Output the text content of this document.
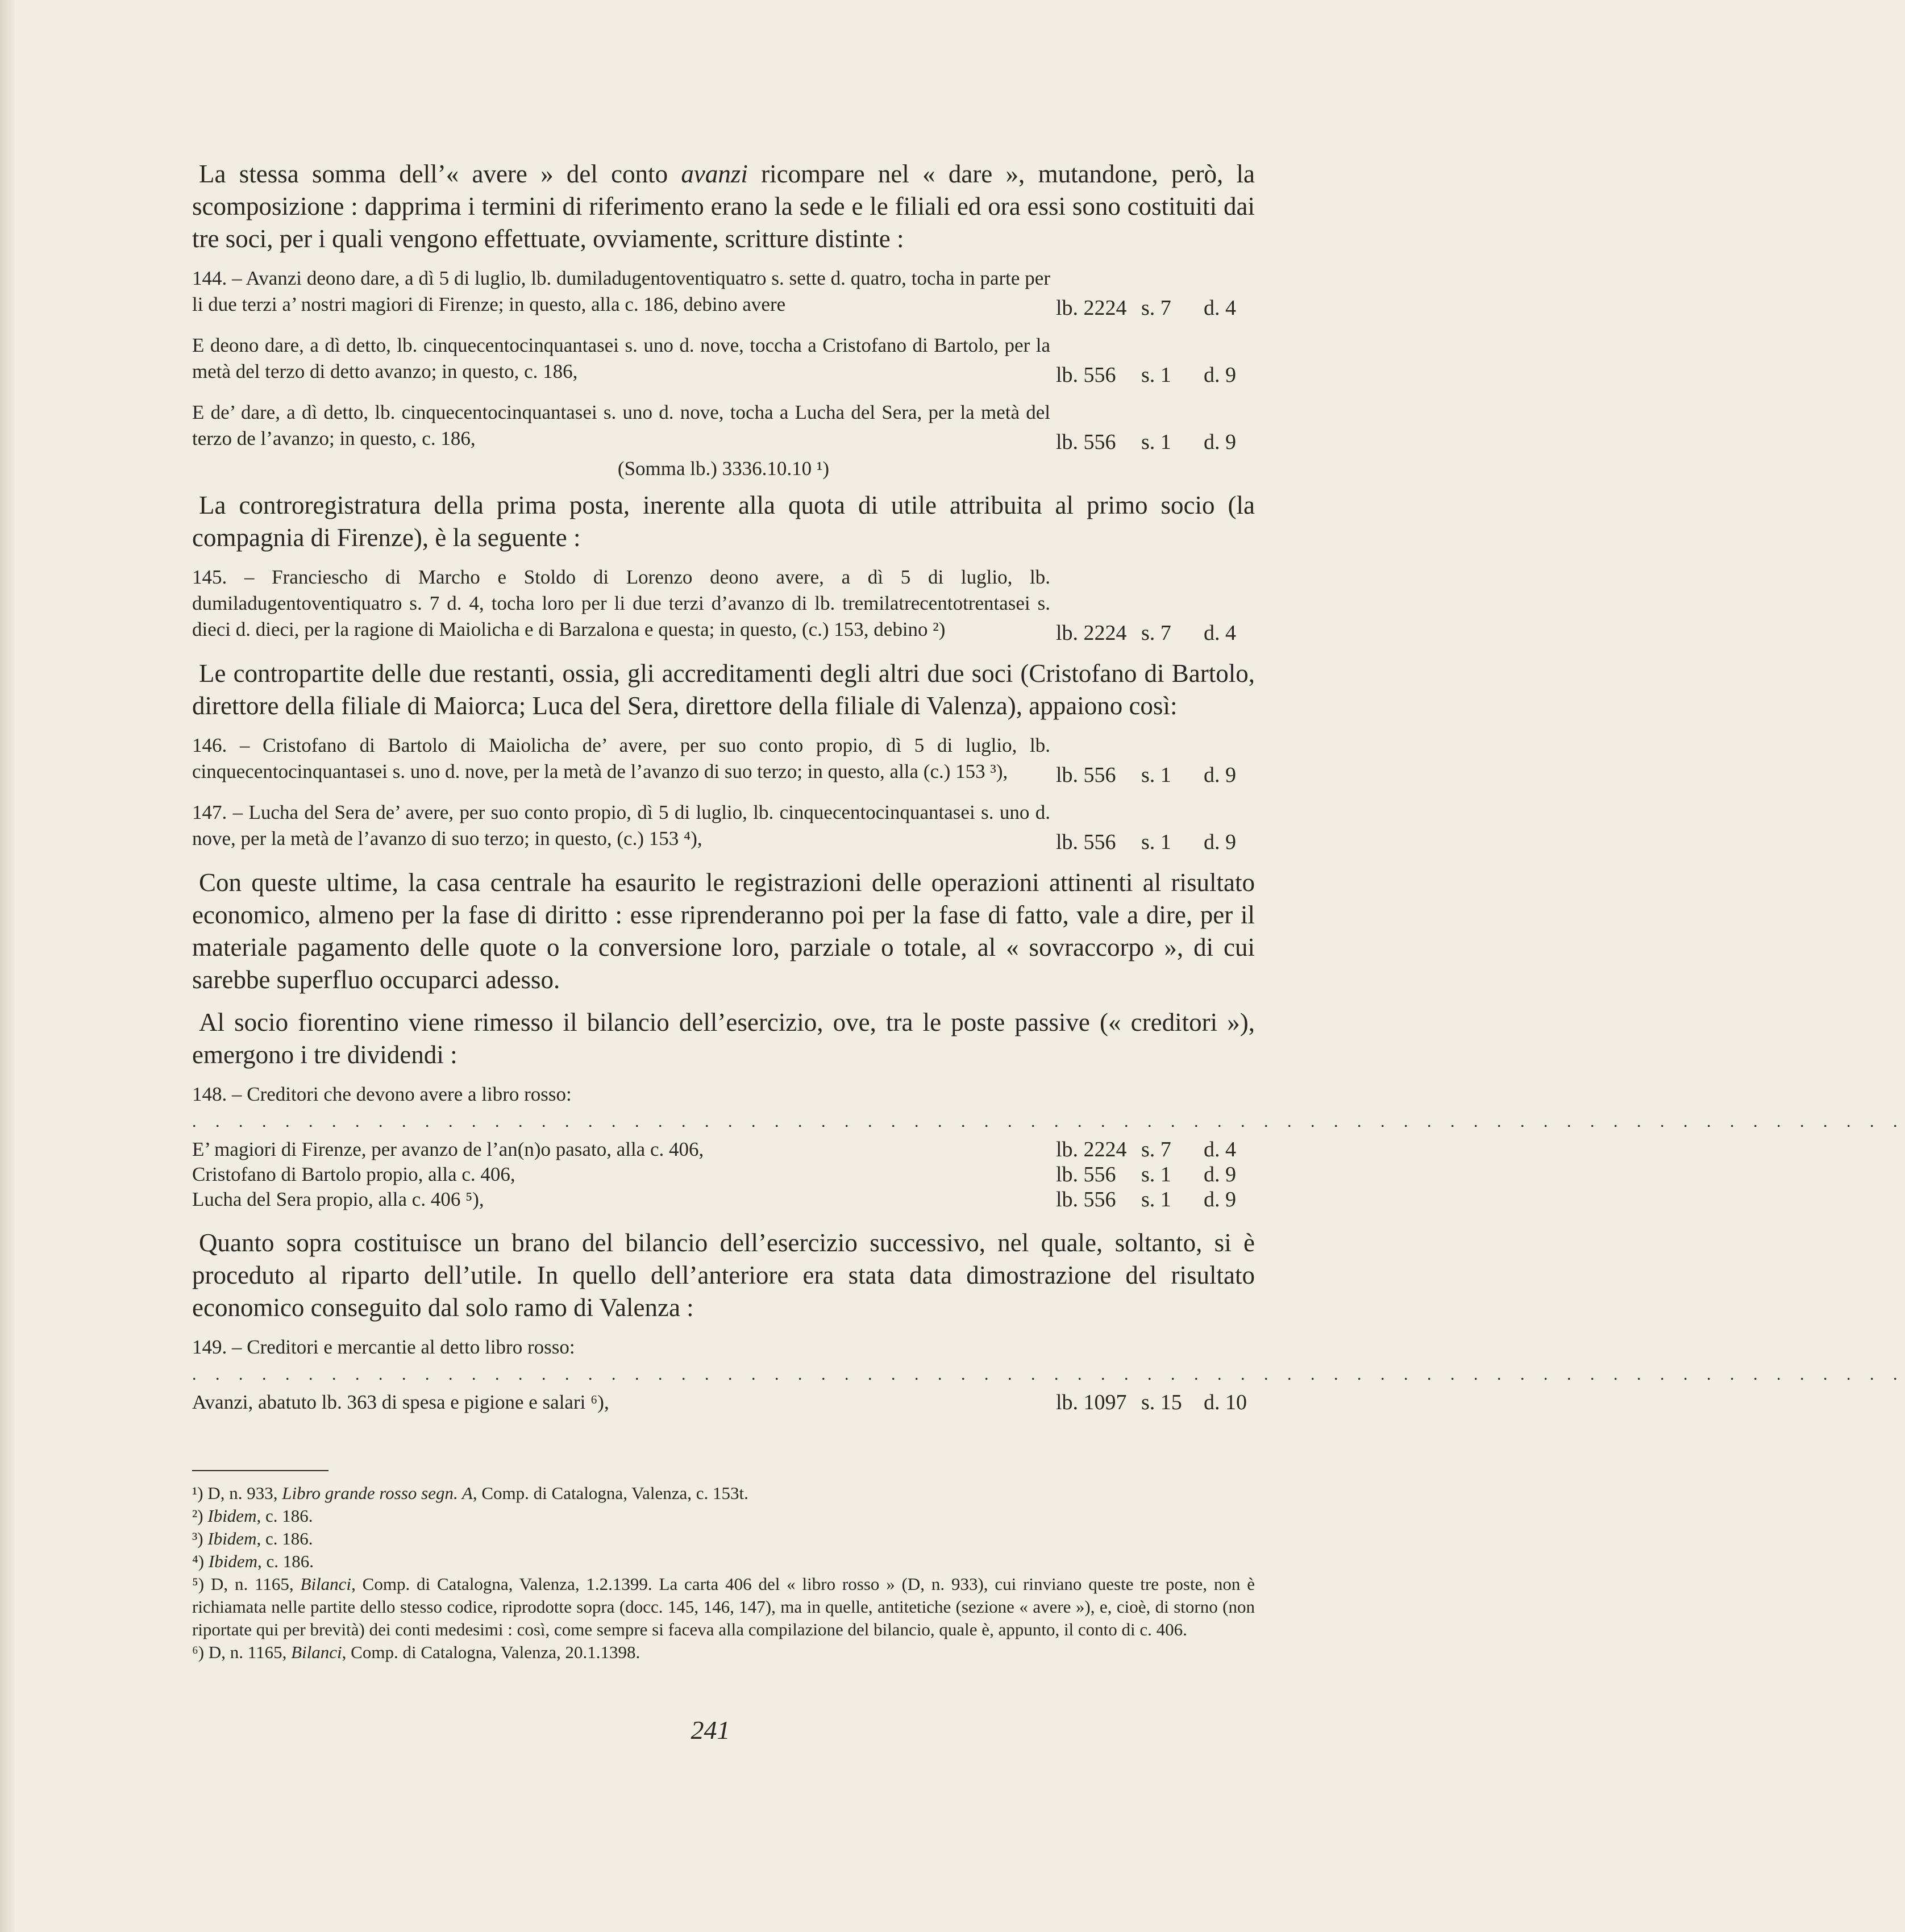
La stessa somma dell’« avere » del conto avanzi ricompare nel « dare », mutandone, però, la scomposizione : dapprima i termini di riferimento erano la sede e le filiali ed ora essi sono costituiti dai tre soci, per i quali vengono effettuate, ovviamente, scritture distinte :

144. – Avanzi deono dare, a dì 5 di luglio, lb. dumiladugentoventiquatro s. sette d. quatro, tocha in parte per li due terzi a’ nostri magiori di Firenze; in questo, alla c. 186, debino avere	lb. 2224 s. 7 d. 4
E deono dare, a dì detto, lb. cinquecentocinquantasei s. uno d. nove, toccha a Cristofano di Bartolo, per la metà del terzo di detto avanzo; in questo, c. 186,	lb. 556 s. 1 d. 9
E de’ dare, a dì detto, lb. cinquecentocinquantasei s. uno d. nove, tocha a Lucha del Sera, per la metà del terzo de l’avanzo; in questo, c. 186,	lb. 556 s. 1 d. 9
(Somma lb.) 3336.10.10 ¹)

La controregistratura della prima posta, inerente alla quota di utile attribuita al primo socio (la compagnia di Firenze), è la seguente :

145. – Franciescho di Marcho e Stoldo di Lorenzo deono avere, a dì 5 di luglio, lb. dumiladugentoventiquatro s. 7 d. 4, tocha loro per li due terzi d’avanzo di lb. tremilatrecentotrentasei s. dieci d. dieci, per la ragione di Maiolicha e di Barzalona e questa; in questo, (c.) 153, debino ²)	lb. 2224 s. 7 d. 4

Le contropartite delle due restanti, ossia, gli accreditamenti degli altri due soci (Cristofano di Bartolo, direttore della filiale di Maiorca; Luca del Sera, direttore della filiale di Valenza), appaiono così:

146. – Cristofano di Bartolo di Maiolicha de’ avere, per suo conto propio, dì 5 di luglio, lb. cinquecentocinquantasei s. uno d. nove, per la metà de l’avanzo di suo terzo; in questo, alla (c.) 153 ³),	lb. 556 s. 1 d. 9
147. – Lucha del Sera de’ avere, per suo conto propio, dì 5 di luglio, lb. cinquecentocinquantasei s. uno d. nove, per la metà de l’avanzo di suo terzo; in questo, (c.) 153 ⁴),	lb. 556 s. 1 d. 9

Con queste ultime, la casa centrale ha esaurito le registrazioni delle operazioni attinenti al risultato economico, almeno per la fase di diritto : esse riprenderanno poi per la fase di fatto, vale a dire, per il materiale pagamento delle quote o la conversione loro, parziale o totale, al « sovraccorpo », di cui sarebbe superfluo occuparci adesso.

Al socio fiorentino viene rimesso il bilancio dell’esercizio, ove, tra le poste passive (« creditori »), emergono i tre dividendi :

148. – Creditori che devono avere a libro rosso:
. . . . . . . . . . . . . . . . . . . . . . . . . . . . . . . . . . . . . . . . . . . . . . . . . . . . . . . . . . . . . . . . . . . . . . . . . .
E’ magiori di Firenze, per avanzo de l’an(n)o pasato, alla c. 406,	lb. 2224 s. 7 d. 4
Cristofano di Bartolo propio, alla c. 406,	lb. 556 s. 1 d. 9
Lucha del Sera propio, alla c. 406 ⁵),	lb. 556 s. 1 d. 9

Quanto sopra costituisce un brano del bilancio dell’esercizio successivo, nel quale, soltanto, si è proceduto al riparto dell’utile. In quello dell’anteriore era stata data dimostrazione del risultato economico conseguito dal solo ramo di Valenza :

149. – Creditori e mercantie al detto libro rosso:
. . . . . . . . . . . . . . . . . . . . . . . . . . . . . . . . . . . . . . . . . . . . . . . . . . . . . . . . . . . . . . . . . . . . . . . . . .
Avanzi, abatuto lb. 363 di spesa e pigione e salari ⁶),	lb. 1097 s. 15 d. 10

¹) D, n. 933, Libro grande rosso segn. A, Comp. di Catalogna, Valenza, c. 153t.

²) Ibidem, c. 186.

³) Ibidem, c. 186.

⁴) Ibidem, c. 186.

⁵) D, n. 1165, Bilanci, Comp. di Catalogna, Valenza, 1.2.1399. La carta 406 del « libro rosso » (D, n. 933), cui rinviano queste tre poste, non è richiamata nelle partite dello stesso codice, riprodotte sopra (docc. 145, 146, 147), ma in quelle, antitetiche (sezione « avere »), e, cioè, di storno (non riportate qui per brevità) dei conti medesimi : così, come sempre si faceva alla compilazione del bilancio, quale è, appunto, il conto di c. 406.

⁶) D, n. 1165, Bilanci, Comp. di Catalogna, Valenza, 20.1.1398.

241
